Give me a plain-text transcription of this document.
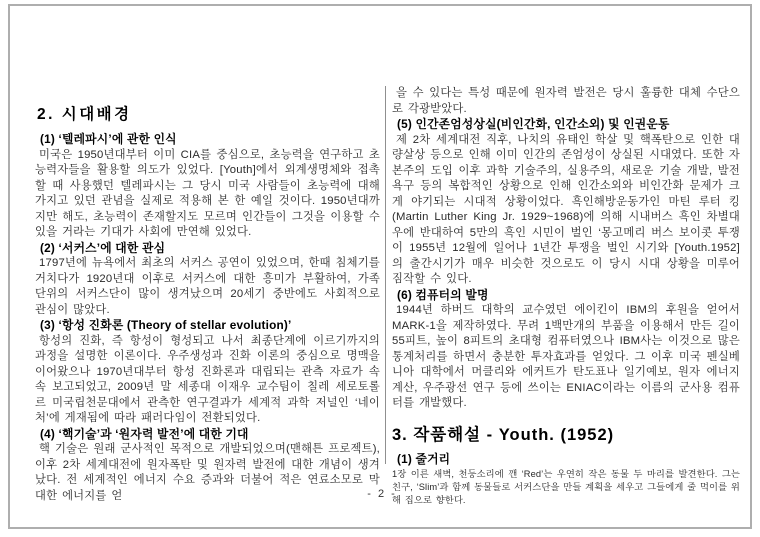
2. 시대배경
(1) ‘텔레파시’에 관한 인식
미국은 1950년대부터 이미 CIA를 중심으로, 초능력을 연구하고 초능력자들을 활용할 의도가 있었다. [Youth]에서 외계생명체와 접촉할 때 사용했던 텔레파시는 그 당시 미국 사람들이 초능력에 대해 가지고 있던 관념을 실제로 적용해 본 한 예일 것이다. 1950년대까지만 해도, 초능력이 존재할지도 모르며 인간들이 그것을 이용할 수 있을 거라는 기대가 사회에 만연해 있었다.
(2) ‘서커스’에 대한 관심
1797년에 뉴욕에서 최초의 서커스 공연이 있었으며, 한때 침체기를 거치다가 1920년대 이후로 서커스에 대한 흥미가 부활하여, 가족 단위의 서커스단이 많이 생겨났으며 20세기 중반에도 사회적으로 관심이 많았다.
(3) ‘항성 진화론 (Theory of stellar evolution)’
항성의 진화, 즉 항성이 형성되고 나서 최종단계에 이르기까지의 과정을 설명한 이론이다. 우주생성과 진화 이론의 중심으로 명맥을 이어왔으나 1970년대부터 항성 진화론과 대립되는 관측 자료가 속속 보고되었고, 2009년 말 세종대 이재우 교수팀이 칠레 세로토롤르 미국립천문대에서 관측한 연구결과가 세계적 과학 저널인 ‘네이처’에 게재됨에 따라 패러다임이 전환되었다.
(4) ‘핵기술’과 ‘원자력 발전’에 대한 기대
핵 기술은 원래 군사적인 목적으로 개발되었으며(맨해튼 프로젝트), 이후 2차 세계대전에 원자폭탄 및 원자력 발전에 대한 개념이 생겨났다. 전 세계적인 에너지 수요 증과와 더불어 적은 연료소모로 막대한 에너지를 얻
을 수 있다는 특성 때문에 원자력 발전은 당시 훌륭한 대체 수단으로 각광받았다.
(5) 인간존엄성상실(비인간화, 인간소외) 및 인권운동
제 2차 세계대전 직후, 나치의 유태인 학살 및 핵폭탄으로 인한 대량살상 등으로 인해 이미 인간의 존엄성이 상실된 시대였다. 또한 자본주의 도입 이후 과학 기술주의, 실용주의, 새로운 기술 개발, 발전 욕구 등의 복합적인 상황으로 인해 인간소외와 비인간화 문제가 크게 야기되는 시대적 상황이었다. 흑인해방운동가인 마틴 루터 킹(Martin Luther King Jr. 1929~1968)에 의해 시내버스 흑인 차별대우에 반대하여 5만의 흑인 시민이 벌인 ‘몽고메리 버스 보이콧 투쟁이 1955년 12월에 일어나 1년간 투쟁을 벌인 시기와 [Youth.1952]의 출간시기가 매우 비슷한 것으로도 이 당시 시대 상황을 미루어 짐작할 수 있다.
(6) 컴퓨터의 발명
1944년 하버드 대학의 교수였던 에이킨이 IBM의 후원을 얻어서 MARK-1을 제작하였다. 무려 1백만개의 부품을 이용해서 만든 길이 55피트, 높이 8피트의 초대형 컴퓨터였으나 IBM사는 이것으로 많은 통계처리를 하면서 충분한 투자효과를 얻었다. 그 이후 미국 펜실베니아 대학에서 머클리와 에커트가 탄도표나 일기예보, 원자 에너지 계산, 우주광선 연구 등에 쓰이는 ENIAC이라는 이름의 군사용 컴퓨터를 개발했다.
3. 작품해설 - Youth. (1952)
(1) 줄거리
1장 이른 새벽, 천둥소리에 깬 ‘Red’는 우연히 작은 동물 두 마리를 발견한다. 그는 친구, ‘Slim’과 함께 동물들로 서커스단을 만들 계획을 세우고 그들에게 줄 먹이를 위해 집으로 향한다.
- 2 -
